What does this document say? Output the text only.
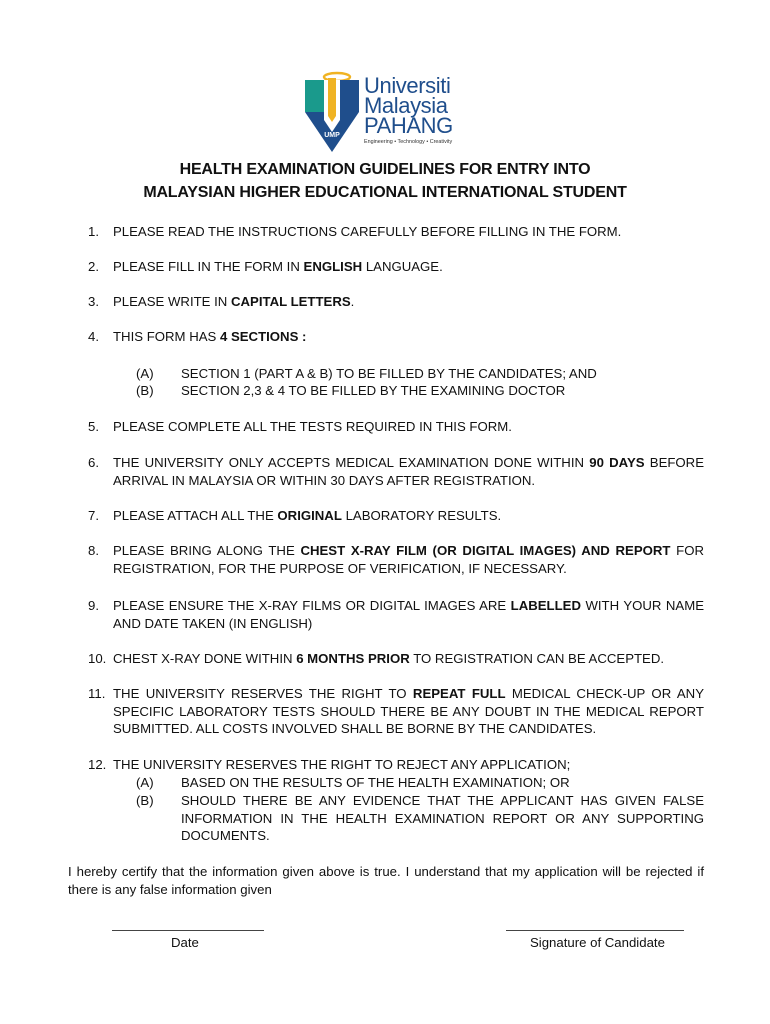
UMP
Universiti
Malaysia
PAHANG
Engineering • Technology • Creativity
HEALTH EXAMINATION GUIDELINES FOR ENTRY INTO
MALAYSIAN HIGHER EDUCATIONAL INTERNATIONAL STUDENT
1. PLEASE READ THE INSTRUCTIONS CAREFULLY BEFORE FILLING IN THE FORM.
2. PLEASE FILL IN THE FORM IN ENGLISH LANGUAGE.
3. PLEASE WRITE IN CAPITAL LETTERS.
4. THIS FORM HAS 4 SECTIONS :
(A) SECTION 1 (PART A & B) TO BE FILLED BY THE CANDIDATES; AND
(B) SECTION 2,3 & 4 TO BE FILLED BY THE EXAMINING DOCTOR
5. PLEASE COMPLETE ALL THE TESTS REQUIRED IN THIS FORM.
6. THE UNIVERSITY ONLY ACCEPTS MEDICAL EXAMINATION DONE WITHIN 90 DAYS BEFORE ARRIVAL IN MALAYSIA OR WITHIN 30 DAYS AFTER REGISTRATION.
7. PLEASE ATTACH ALL THE ORIGINAL LABORATORY RESULTS.
8. PLEASE BRING ALONG THE CHEST X-RAY FILM (OR DIGITAL IMAGES) AND REPORT FOR REGISTRATION, FOR THE PURPOSE OF VERIFICATION, IF NECESSARY.
9. PLEASE ENSURE THE X-RAY FILMS OR DIGITAL IMAGES ARE LABELLED WITH YOUR NAME AND DATE TAKEN (IN ENGLISH)
10. CHEST X-RAY DONE WITHIN 6 MONTHS PRIOR TO REGISTRATION CAN BE ACCEPTED.
11. THE UNIVERSITY RESERVES THE RIGHT TO REPEAT FULL MEDICAL CHECK-UP OR ANY SPECIFIC LABORATORY TESTS SHOULD THERE BE ANY DOUBT IN THE MEDICAL REPORT SUBMITTED. ALL COSTS INVOLVED SHALL BE BORNE BY THE CANDIDATES.
12. THE UNIVERSITY RESERVES THE RIGHT TO REJECT ANY APPLICATION;
(A) BASED ON THE RESULTS OF THE HEALTH EXAMINATION; OR
(B) SHOULD THERE BE ANY EVIDENCE THAT THE APPLICANT HAS GIVEN FALSE INFORMATION IN THE HEALTH EXAMINATION REPORT OR ANY SUPPORTING DOCUMENTS.
I hereby certify that the information given above is true. I understand that my application will be rejected if there is any false information given
Date	Signature of Candidate
